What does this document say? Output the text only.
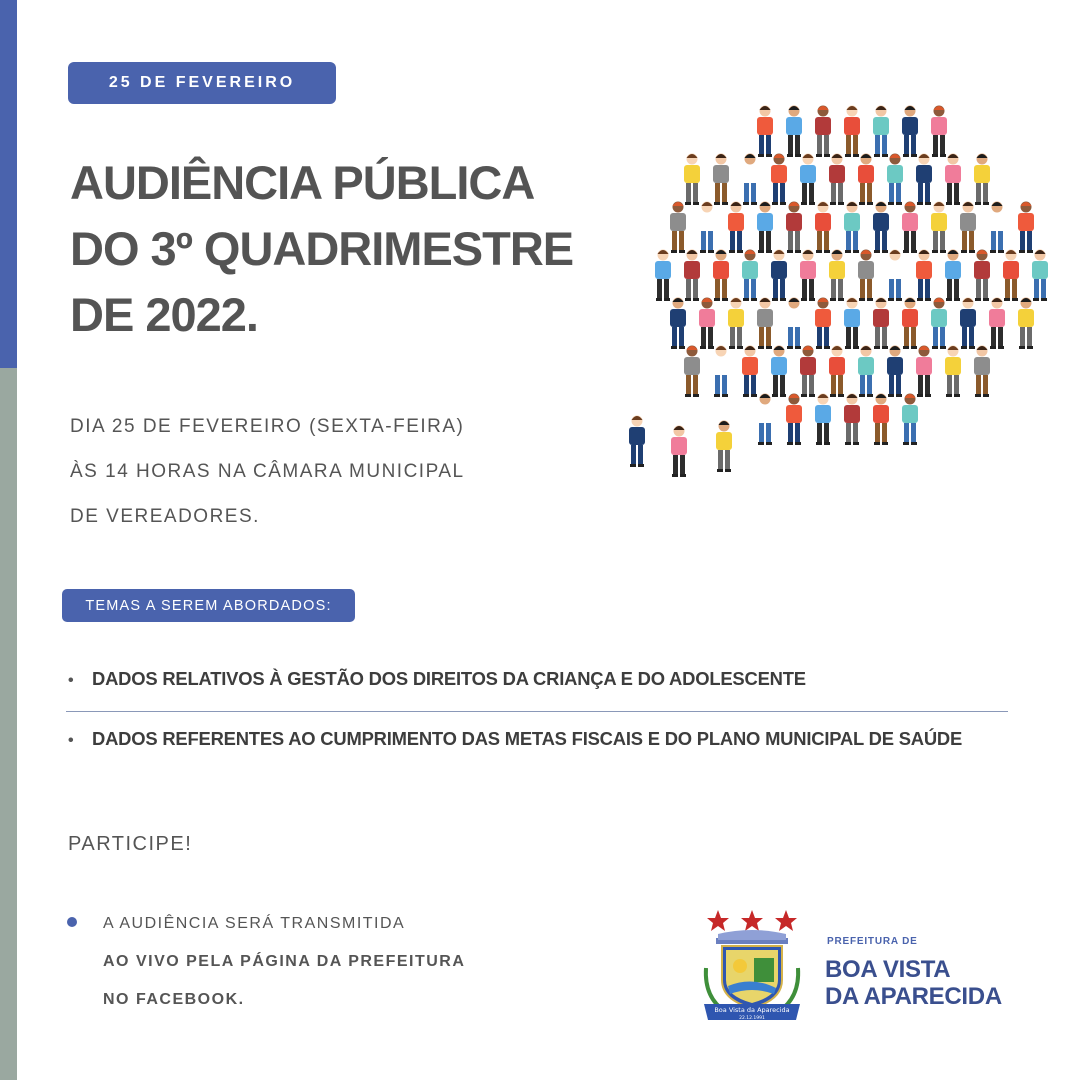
25 DE FEVEREIRO
AUDIÊNCIA PÚBLICA
DO 3º QUADRIMESTRE
DE 2022.
DIA 25 DE FEVEREIRO (SEXTA-FEIRA)
ÀS 14 HORAS NA CÂMARA MUNICIPAL
DE VEREADORES.
TEMAS A SEREM ABORDADOS:
• DADOS RELATIVOS À GESTÃO DOS DIREITOS DA CRIANÇA E DO ADOLESCENTE
• DADOS REFERENTES AO CUMPRIMENTO DAS METAS FISCAIS E DO PLANO MUNICIPAL DE SAÚDE
PARTICIPE!
A AUDIÊNCIA SERÁ TRANSMITIDA
AO VIVO PELA PÁGINA DA PREFEITURA
NO FACEBOOK.
Boa Vista da Aparecida
22.12.1991
PREFEITURA DE
BOA VISTA
DA APARECIDA
